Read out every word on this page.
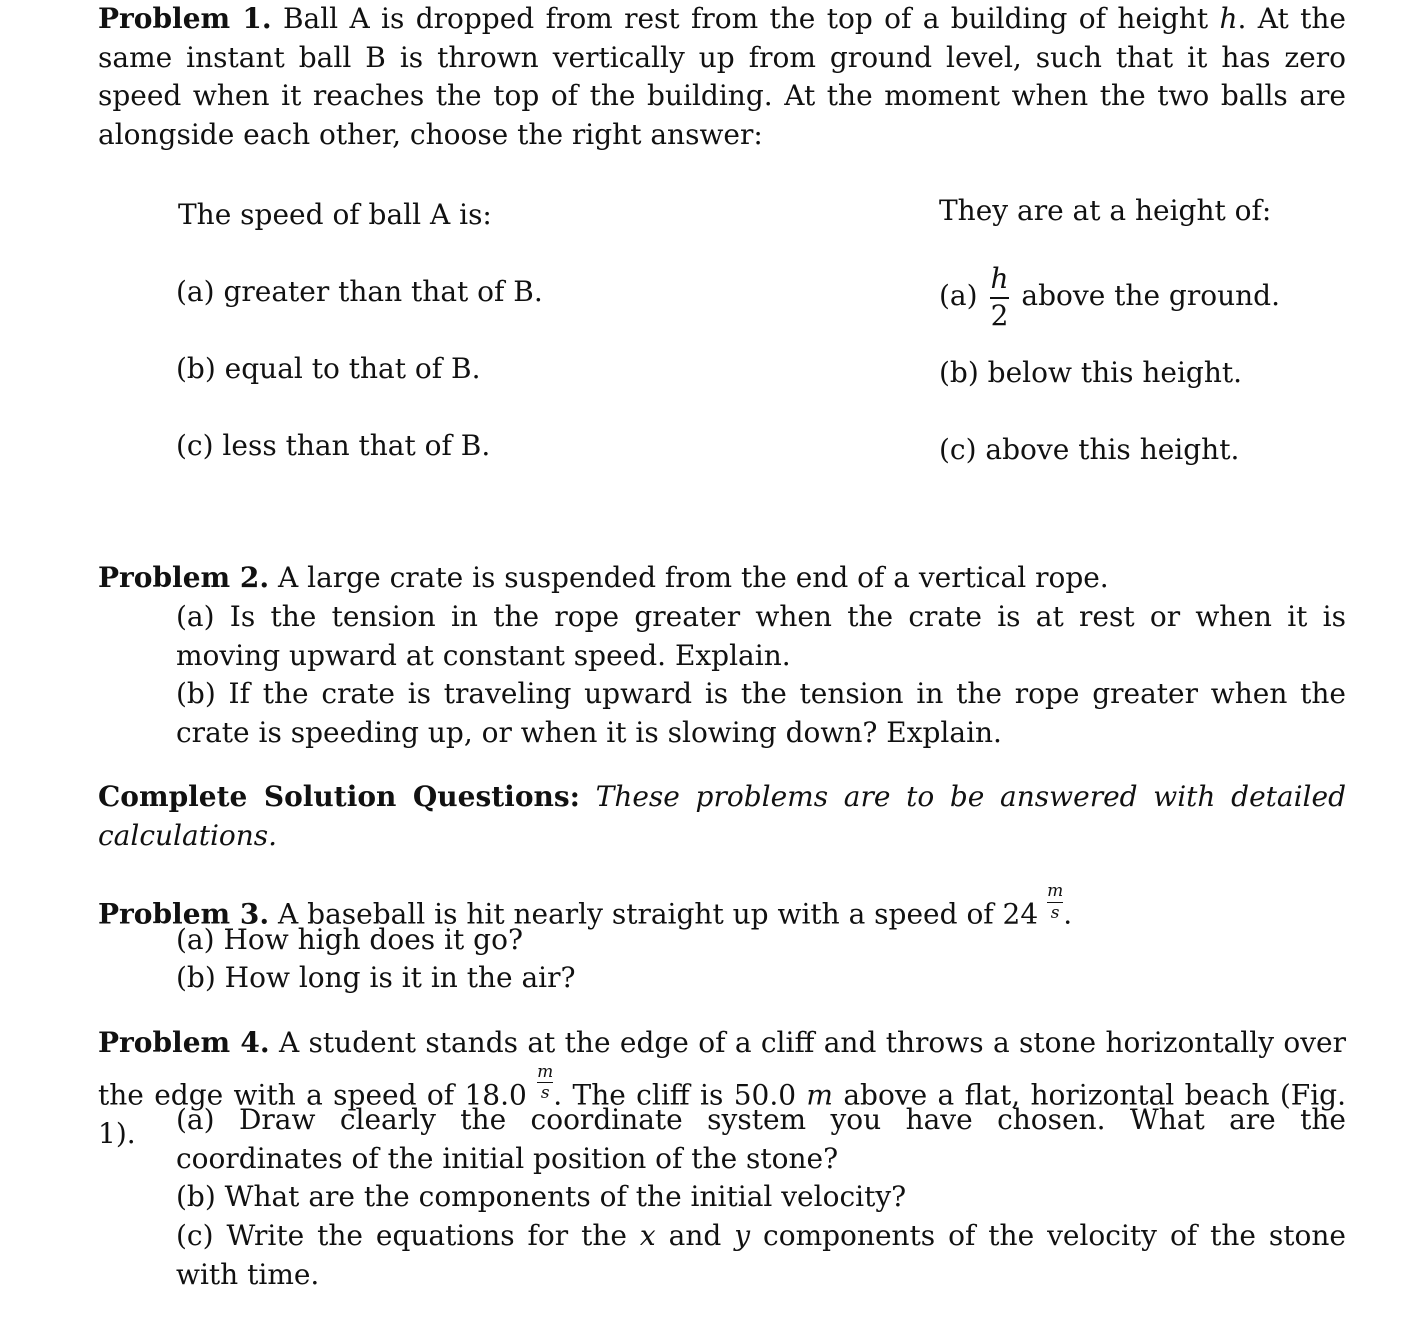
Problem 1. Ball A is dropped from rest from the top of a building of height h. At the same instant ball B is thrown vertically up from ground level, such that it has zero speed when it reaches the top of the building. At the moment when the two balls are alongside each other, choose the right answer:

The speed of ball A is:

(a) greater than that of B.

(b) equal to that of B.

(c) less than that of B.

They are at a height of:

$(a) \frac{h}{2}$ above the ground.

(b) below this height.

(c) above this height.

Problem 2. A large crate is suspended from the end of a vertical rope.

(a) Is the tension in the rope greater when the crate is at rest or when it is moving upward at constant speed. Explain.

(b) If the crate is traveling upward is the tension in the rope greater when the crate is speeding up, or when it is slowing down? Explain.

Complete Solution Questions: These problems are to be answered with detailed calculations.

Problem 3. A baseball is hit nearly straight up with a speed of $24 \frac{m}{s}$ .

(a) How high does it go?

(b) How long is it in the air?

Problem 4. A student stands at the edge of a cliff and throws a stone horizontally over the edge with a speed of $18.0 \frac{m}{s}$ . The cliff is 50.0 m above a flat, horizontal beach (Fig. 1).	(a) Draw clearly the coordinate system you have chosen. What are the coordinates of the initial position of the stone?

(b) What are the components of the initial velocity?

(c) Write the equations for the x and y components of the velocity of the stone with time.
